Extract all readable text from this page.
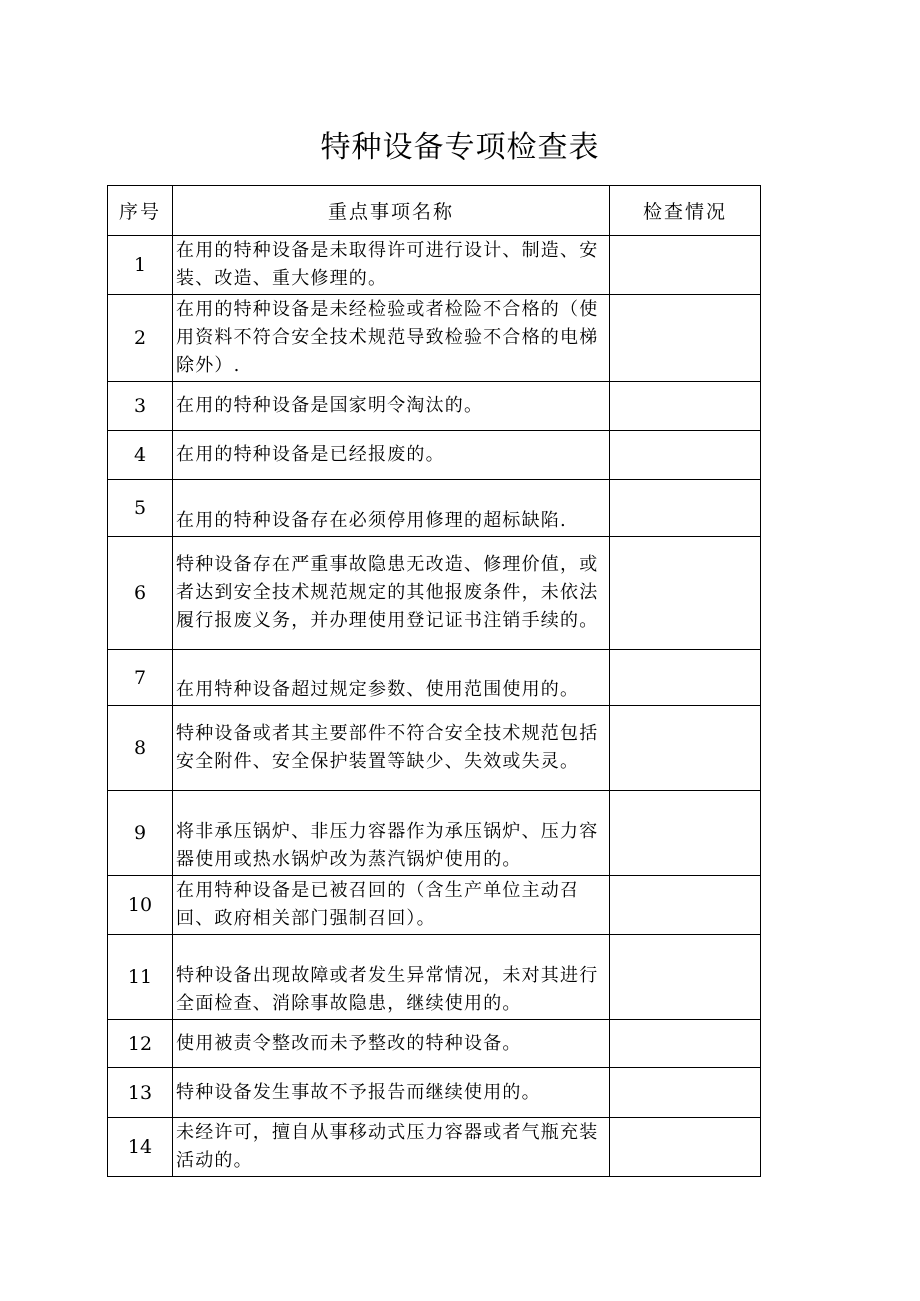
特种设备专项检查表
序号	重点事项名称	检查情况
1	在用的特种设备是未取得许可进行设计、制造、安装、改造、重大修理的。	
2	在用的特种设备是未经检验或者检险不合格的（使用资料不符合安全技术规范导致检验不合格的电梯除外）.	
3	在用的特种设备是国家明令淘汰的。	
4	在用的特种设备是已经报废的。	
5	在用的特种设备存在必须停用修理的超标缺陷.	
6	特种设备存在严重事故隐患无改造、修理价值，或者达到安全技术规范规定的其他报废条件，未依法履行报废义务，并办理使用登记证书注销手续的。	
7	在用特种设备超过规定参数、使用范围使用的。	
8	特种设备或者其主要部件不符合安全技术规范包括安全附件、安全保护装置等缺少、失效或失灵。	
9	将非承压锅炉、非压力容器作为承压锅炉、压力容器使用或热水锅炉改为蒸汽锅炉使用的。	
10	在用特种设备是已被召回的（含生产单位主动召回、政府相关部门强制召回）。	
11	特种设备出现故障或者发生异常情况，未对其进行全面检查、消除事故隐患，继续使用的。	
12	使用被责令整改而未予整改的特种设备。	
13	特种设备发生事故不予报告而继续使用的。	
14	未经许可，擅自从事移动式压力容器或者气瓶充装活动的。	
